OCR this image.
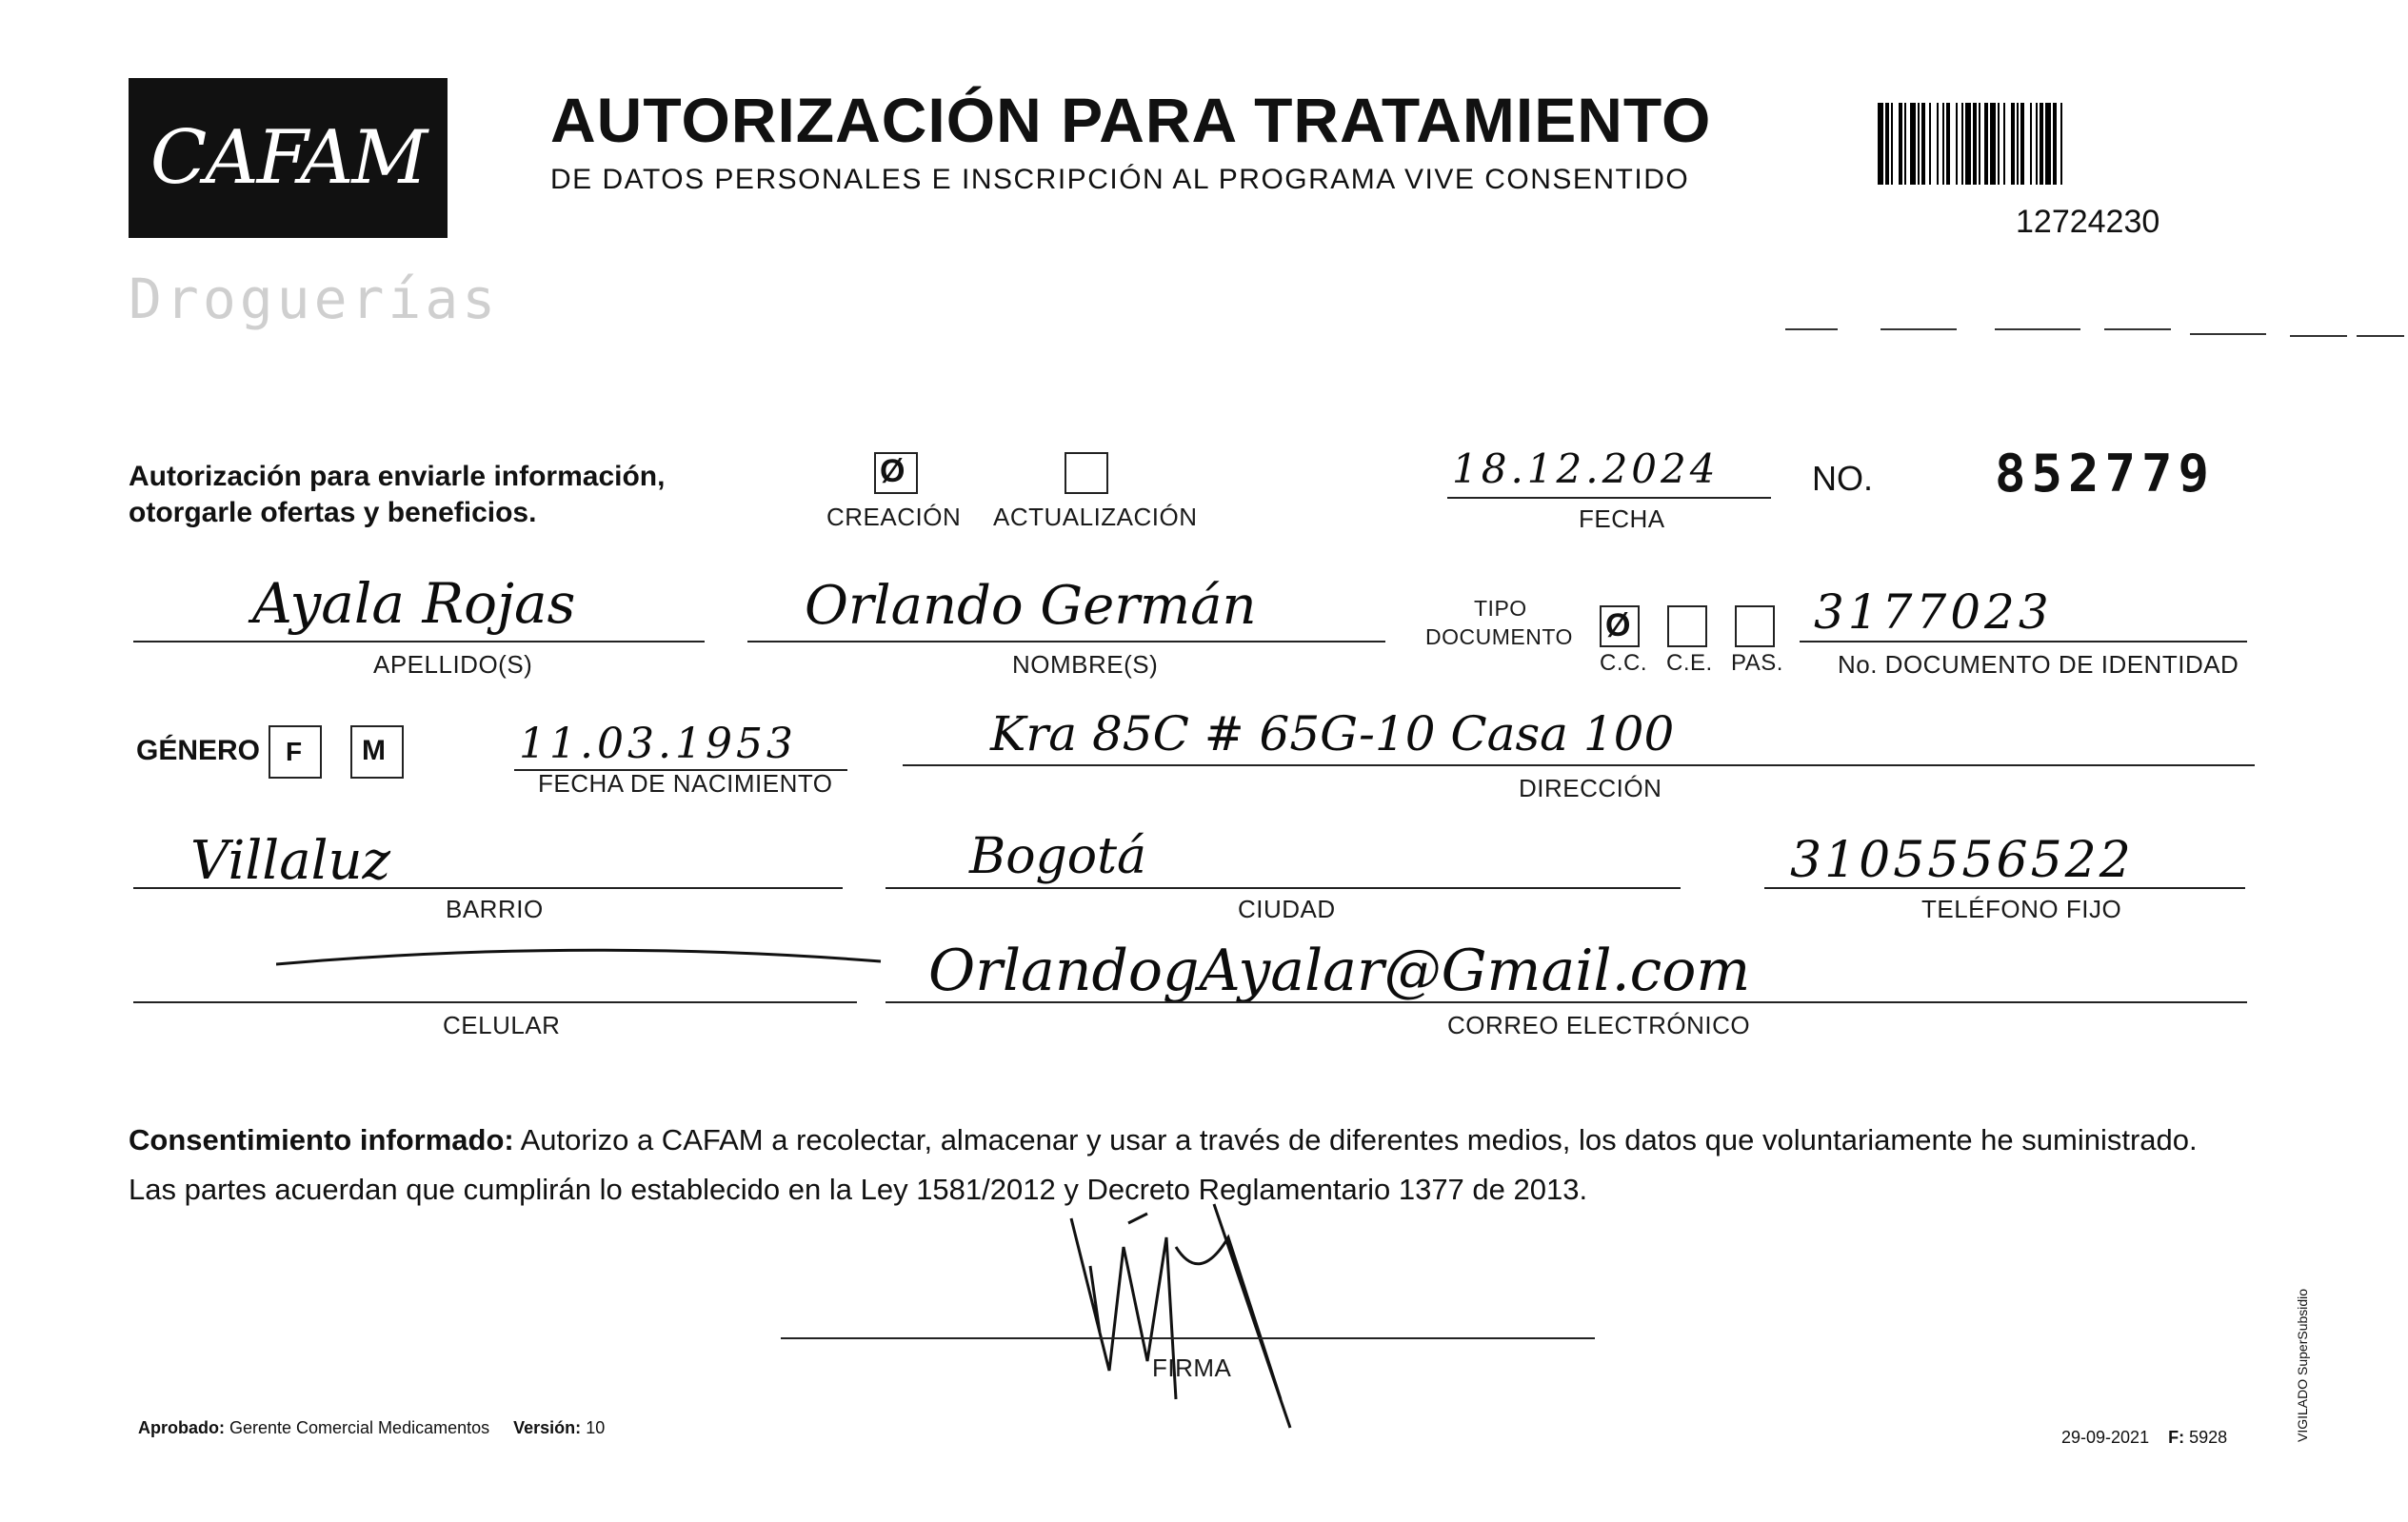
CAFAM
Droguerías
AUTORIZACIÓN PARA TRATAMIENTO
DE DATOS PERSONALES E INSCRIPCIÓN AL PROGRAMA VIVE CONSENTIDO
12724230
Autorización para enviarle información,
otorgarle ofertas y beneficios.
Ø
CREACIÓN ACTUALIZACIÓN
18.12.2024
FECHA
NO. 852779
Ayala Rojas
APELLIDO(S)
Orlando Germán
NOMBRE(S)
TIPO
DOCUMENTO Ø
C.C. C.E. PAS.
3177023
No. DOCUMENTO DE IDENTIDAD
GÉNERO F M	11.03.1953
FECHA DE NACIMIENTO
Kra 85C # 65G-10 Casa 100
DIRECCIÓN
Villaluz
BARRIO
Bogotá
CIUDAD
3105556522
TELÉFONO FIJO
CELULAR
OrlandogAyalar@Gmail.com
CORREO ELECTRÓNICO
Consentimiento informado: Autorizo a CAFAM a recolectar, almacenar y usar a través de diferentes medios, los datos que voluntariamente he suministrado. Las partes acuerdan que cumplirán lo establecido en la Ley 1581/2012 y Decreto Reglamentario 1377 de 2013.
FIRMA
Aprobado: Gerente Comercial Medicamentos Versión: 10	29-09-2021 F: 5928	VIGILADO SuperSubsidio
